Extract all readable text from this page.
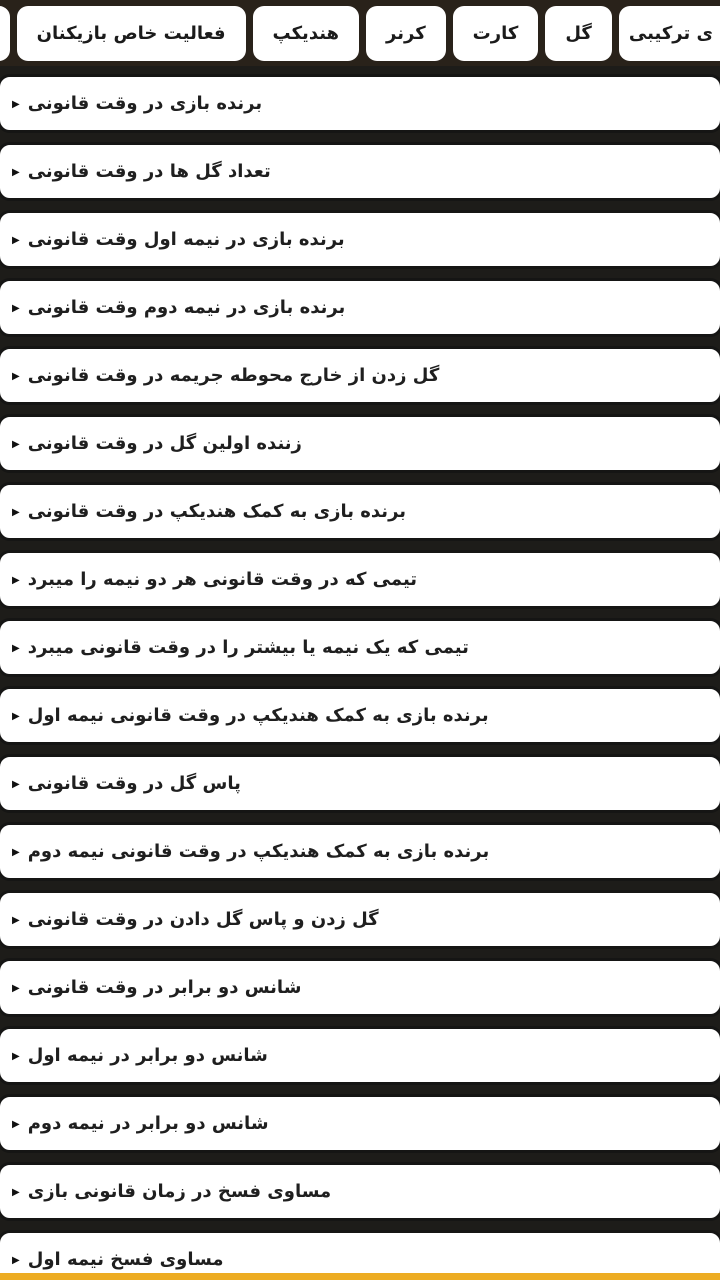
ی ترکیبی
گل
کارت
کرنر
هندیکپ
فعالیت خاص بازیکنان
برنده بازی در وقت قانونی
▶
تعداد گل ها در وقت قانونی
▶
برنده بازی در نیمه اول وقت قانونی
▶
برنده بازی در نیمه دوم وقت قانونی
▶
گل زدن از خارج محوطه جریمه در وقت قانونی
▶
زننده اولین گل در وقت قانونی
▶
برنده بازی به کمک هندیکپ در وقت قانونی
▶
تیمی که در وقت قانونی هر دو نیمه را میبرد
▶
تیمی که یک نیمه یا بیشتر را در وقت قانونی میبرد
▶
برنده بازی به کمک هندیکپ در وقت قانونی نیمه اول
▶
پاس گل در وقت قانونی
▶
برنده بازی به کمک هندیکپ در وقت قانونی نیمه دوم
▶
گل زدن و پاس گل دادن در وقت قانونی
▶
شانس دو برابر در وقت قانونی
▶
شانس دو برابر در نیمه اول
▶
شانس دو برابر در نیمه دوم
▶
مساوی فسخ در زمان قانونی بازی
▶
مساوی فسخ نیمه اول
▶
